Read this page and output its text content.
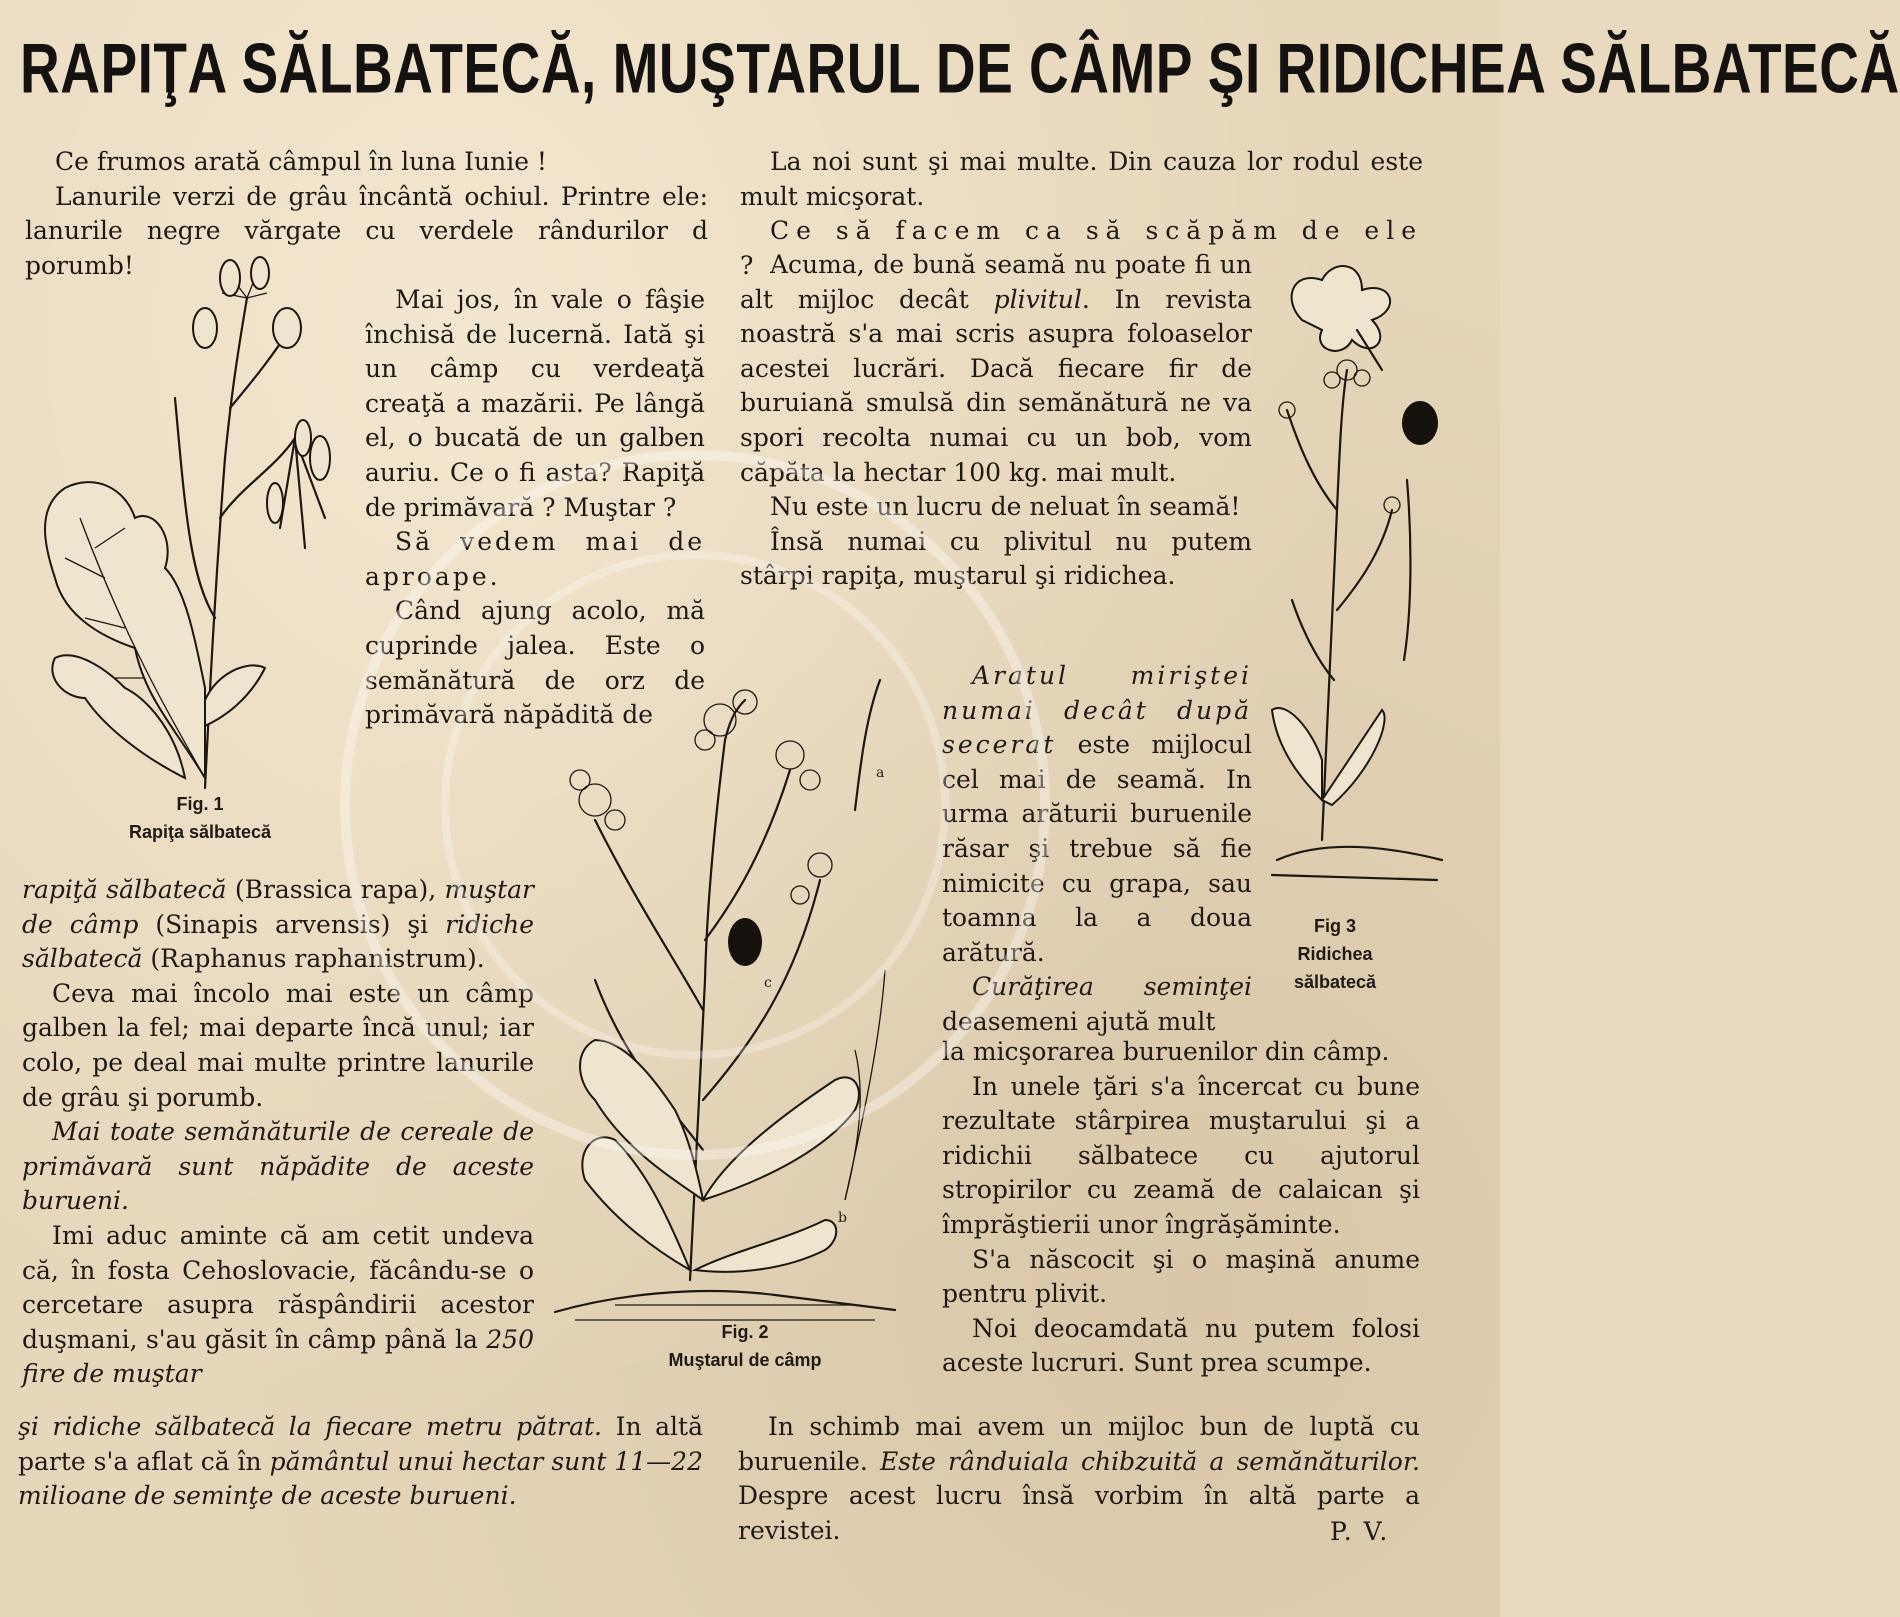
RAPIŢA SĂLBATECĂ, MUŞTARUL DE CÂMP ŞI RIDICHEA SĂLBATECĂ

Ce frumos arată câmpul în luna Iunie !

Lanurile verzi de grâu încântă ochiul. Printre ele: lanurile negre vărgate cu verdele rândurilor d porumb!

Mai jos, în vale o fâşie închisă de lucernă. Iată şi un câmp cu verdeaţă creaţă a mazării. Pe lângă el, o bucată de un galben auriu. Ce o fi asta? Rapiţă de primăvară ? Muştar ?

Să vedem mai de aproape.

Când ajung acolo, mă cuprinde jalea. Este o semănătură de orz de primăvară năpădită de

rapiţă sălbatecă (Brassica rapa), muştar de câmp (Sinapis arvensis) şi ridiche sălbatecă (Raphanus raphanistrum).

Ceva mai încolo mai este un câmp galben la fel; mai departe încă unul; iar colo, pe deal mai multe printre lanurile de grâu şi porumb.

Mai toate semănăturile de cereale de primăvară sunt năpădite de aceste burueni.

Imi aduc aminte că am cetit undeva că, în fosta Cehoslovacie, făcându-se o cercetare asupra răspândirii acestor duşmani, s'au găsit în câmp până la 250 fire de muştar

şi ridiche sălbatecă la fiecare metru pătrat. In altă parte s'a aflat că în pământul unui hectar sunt 11—22 milioane de seminţe de aceste burueni.

La noi sunt şi mai multe. Din cauza lor rodul este mult micşorat.

Ce să facem ca să scăpăm de ele ? Acuma, de bună seamă nu poate fi un alt mijloc decât plivitul. In revista noastră s'a mai scris asupra foloaselor acestei lucrări. Dacă fiecare fir de buruiană smulsă din semănătură ne va spori recolta numai cu un bob, vom căpăta la hectar 100 kg. mai mult.

Nu este un lucru de neluat în seamă!

Însă numai cu plivitul nu putem stârpi rapiţa, muştarul şi ridichea.

Aratul miriştei numai decât după secerat este mijlocul cel mai de seamă. In urma arăturii buruenile răsar şi trebue să fie nimicite cu grapa, sau toamna la a doua arătură.

Curăţirea seminţei deasemeni ajută mult

la micşorarea buruenilor din câmp.

In unele ţări s'a încercat cu bune rezultate stârpirea muştarului şi a ridichii sălbatece cu ajutorul stropirilor cu zeamă de calaican şi împrăştierii unor îngrăşăminte.

S'a născocit şi o maşină anume pentru plivit.

Noi deocamdată nu putem folosi aceste lucruri. Sunt prea scumpe.

In schimb mai avem un mijloc bun de luptă cu buruenile. Este rânduiala chibzuită a semănăturilor. Despre acest lucru însă vorbim în altă parte a revistei.	P. V.
Fig. 1
Rapiţa sălbatecă
a
c
b
Fig. 2
Muştarul de câmp
Fig 3
Ridichea
sălbatecă
